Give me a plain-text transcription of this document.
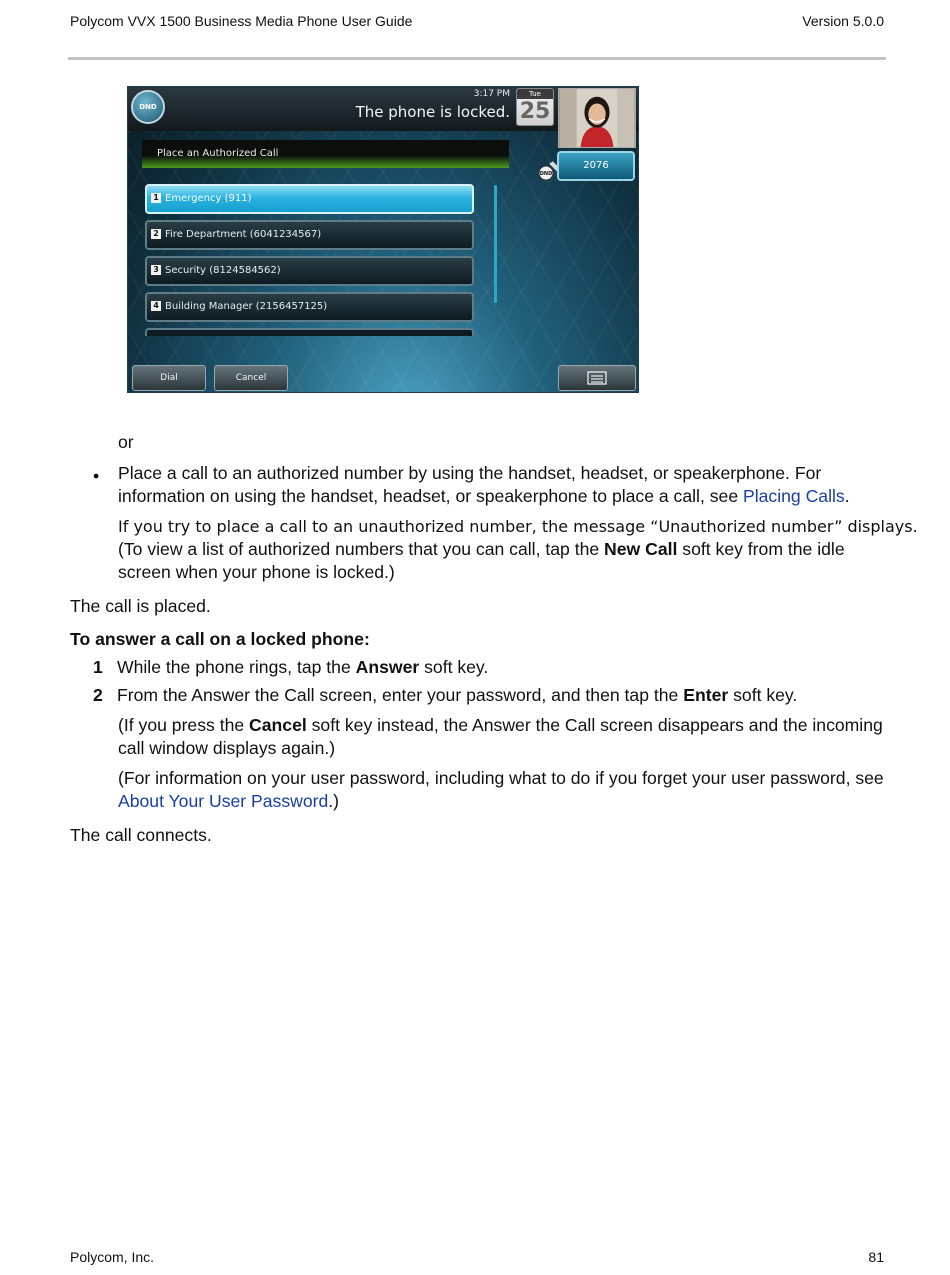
Polycom VVX 1500 Business Media Phone User Guide	Version 5.0.0
DND
3:17 PM
The phone is locked.
Tue
25
DND
2076
Place an Authorized Call
1 Emergency (911)
2 Fire Department (6041234567)
3 Security (8124584562)
4 Building Manager (2156457125)
Dial	Cancel

or

• Place a call to an authorized number by using the handset, headset, or speakerphone. For
information on using the handset, headset, or speakerphone to place a call, see Placing Calls.

If you try to place a call to an unauthorized number, the message “Unauthorized number” displays.

(To view a list of authorized numbers that you can call, tap the New Call soft key from the idle
screen when your phone is locked.)

The call is placed.

To answer a call on a locked phone:

1 While the phone rings, tap the Answer soft key.

2 From the Answer the Call screen, enter your password, and then tap the Enter soft key.

(If you press the Cancel soft key instead, the Answer the Call screen disappears and the incoming
call window displays again.)

(For information on your user password, including what to do if you forget your user password, see
About Your User Password.)

The call connects.

Polycom, Inc.	81
